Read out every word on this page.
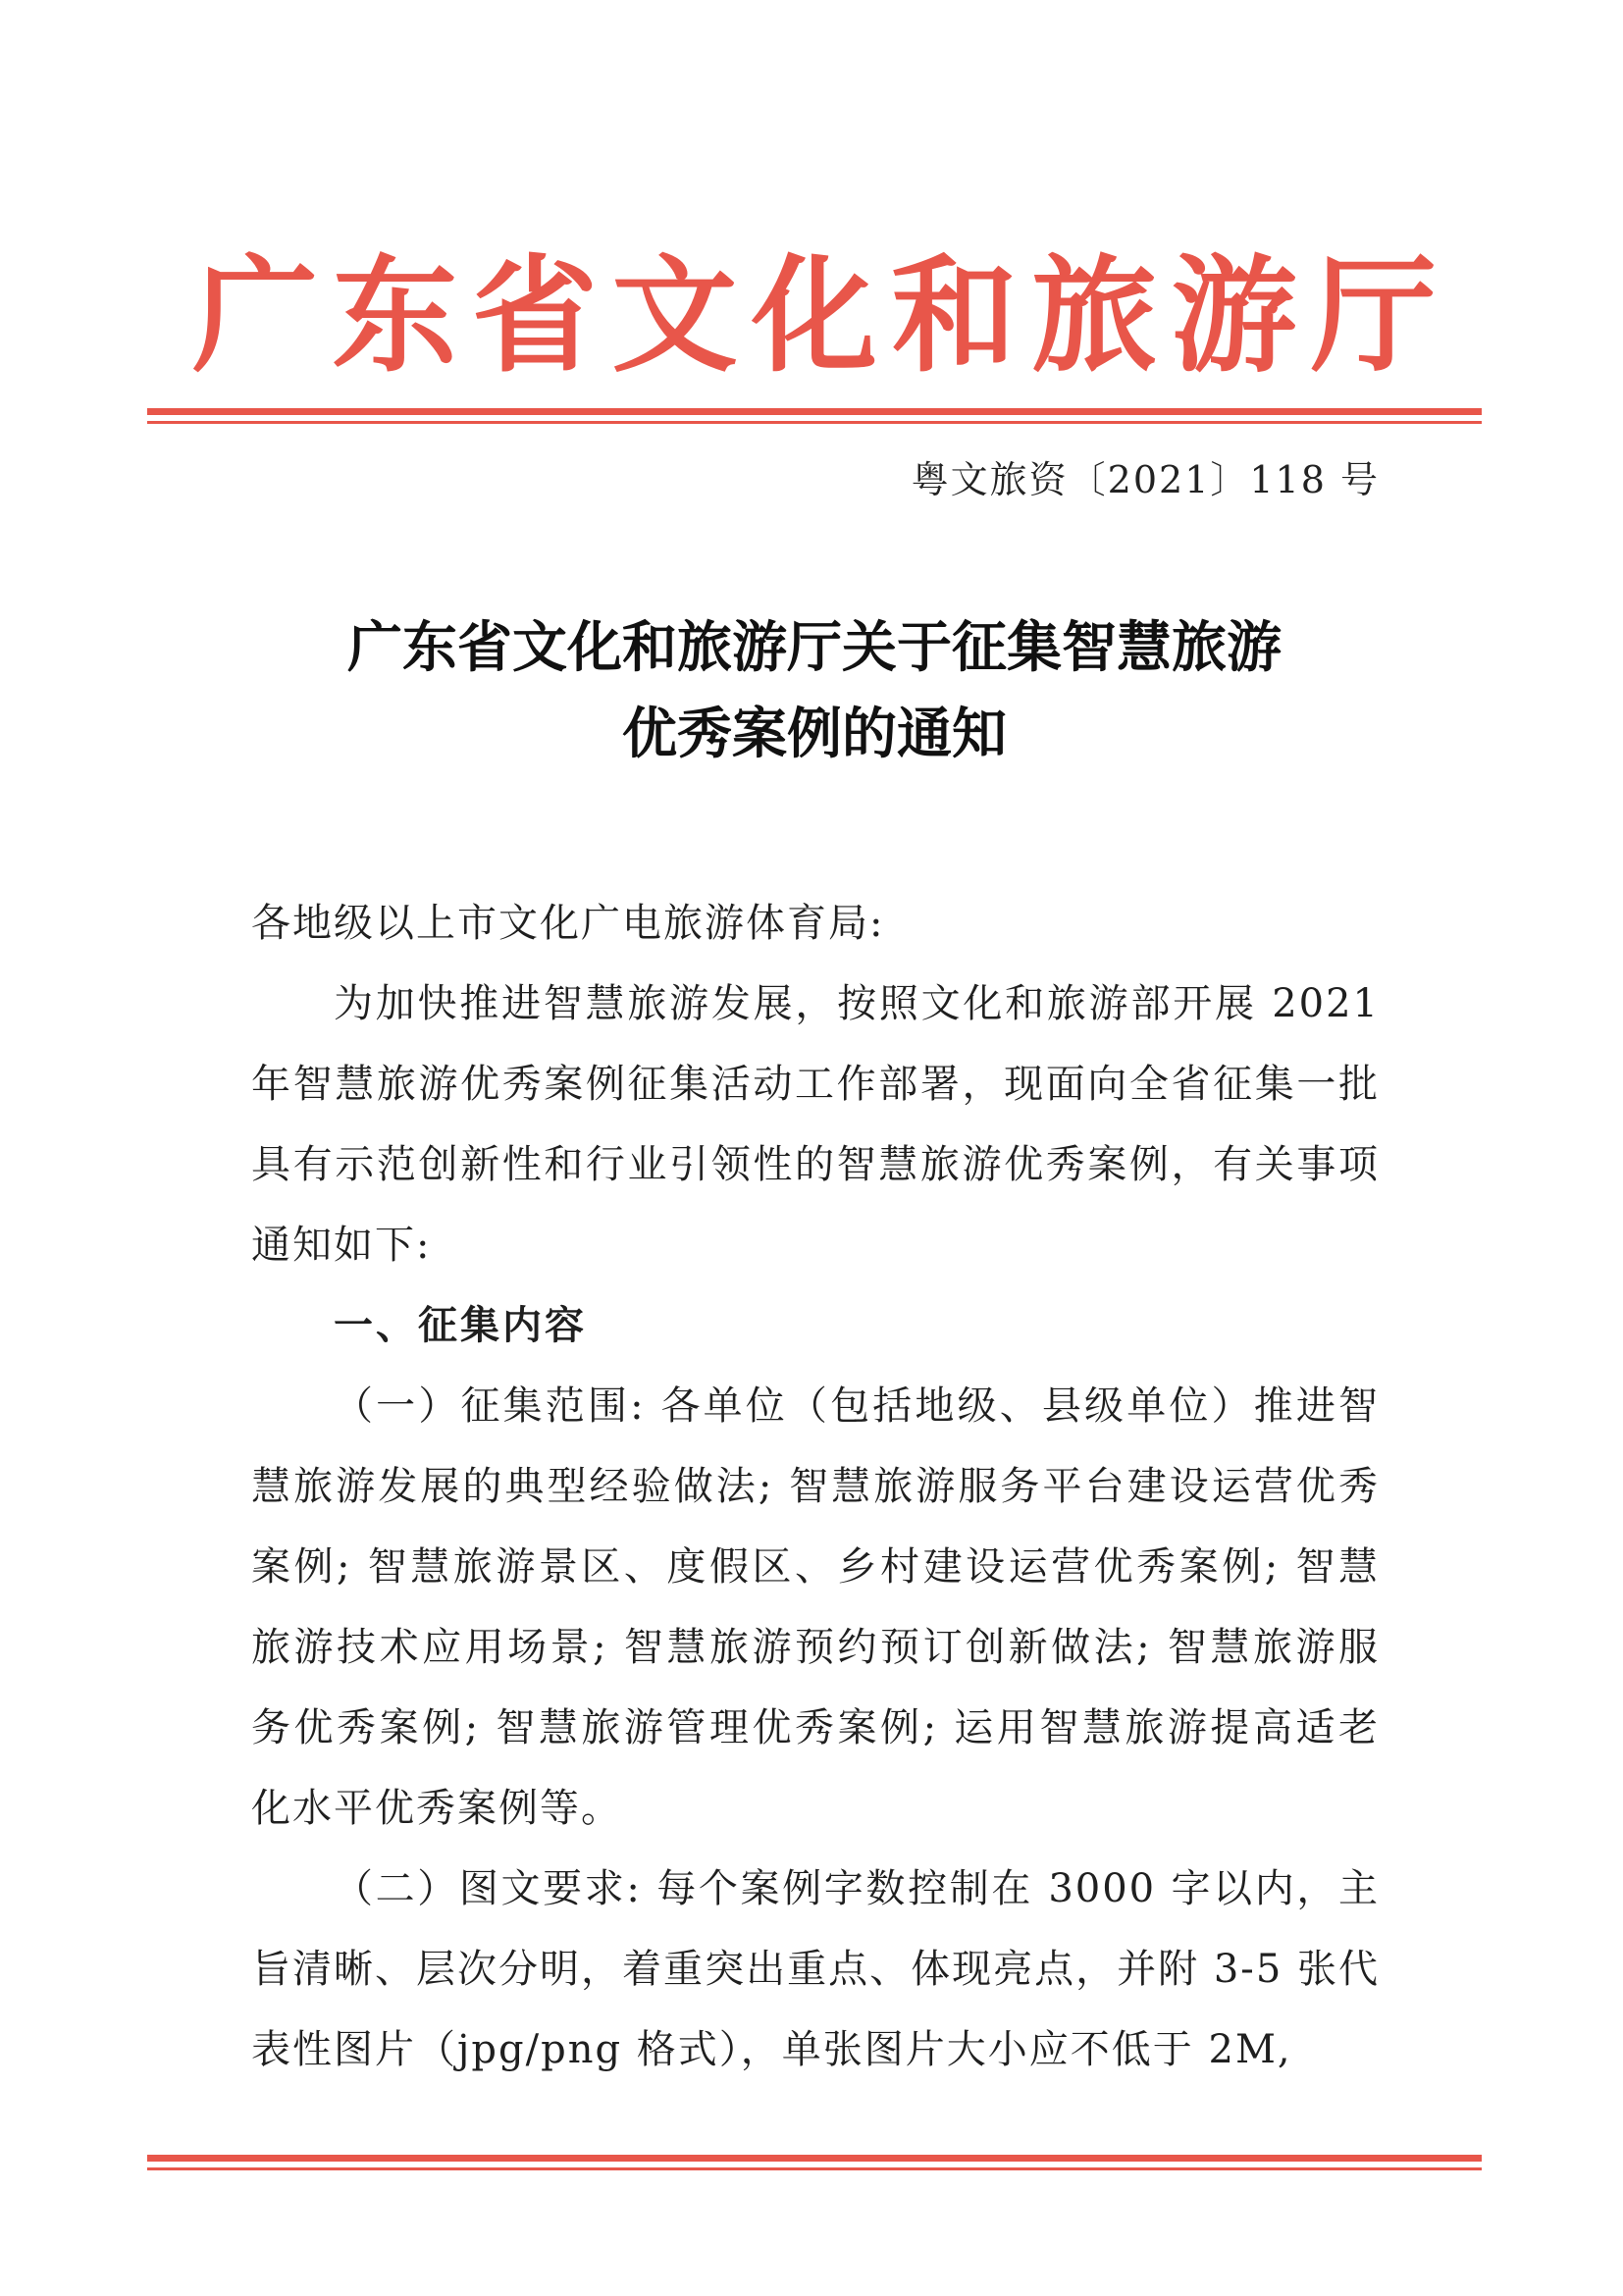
广东省文化和旅游厅
粤文旅资〔2021〕118 号
广东省文化和旅游厅关于征集智慧旅游
优秀案例的通知

各地级以上市文化广电旅游体育局:

为加快推进智慧旅游发展，按照文化和旅游部开展 2021 年智慧旅游优秀案例征集活动工作部署，现面向全省征集一批具有示范创新性和行业引领性的智慧旅游优秀案例，有关事项通知如下:

一、征集内容

（一）征集范围: 各单位（包括地级、县级单位）推进智慧旅游发展的典型经验做法; 智慧旅游服务平台建设运营优秀案例; 智慧旅游景区、度假区、乡村建设运营优秀案例; 智慧旅游技术应用场景; 智慧旅游预约预订创新做法; 智慧旅游服务优秀案例; 智慧旅游管理优秀案例; 运用智慧旅游提高适老化水平优秀案例等。

（二）图文要求: 每个案例字数控制在 3000 字以内，主旨清晰、层次分明，着重突出重点、体现亮点，并附 3-5 张代表性图片（jpg/png 格式），单张图片大小应不低于 2M,
